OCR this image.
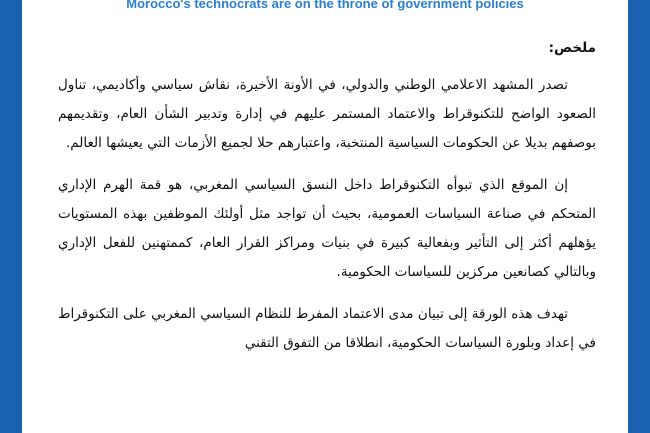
Morocco's technocrats are on the throne of government policies

ملخص:

تصدر المشهد الاعلامي الوطني والدولي، في الأونة الأخيرة، نقاش سياسي وأكاديمي، تناول الصعود الواضح للتكنوقراط والاعتماد المستمر عليهم في إدارة وتدبير الشأن العام، وتقديمهم بوصفهم بديلا عن الحكومات السياسية المنتخبة، واعتبارهم حلا لجميع الأزمات التي يعيشها العالم.

إن الموقع الذي تبوأه التكنوقراط داخل النسق السياسي المغربي، هو قمة الهرم الإداري المتحكم في صناعة السياسات العمومية، بحيث أن تواجد مثل أولئك الموظفين بهذه المستويات يؤهلهم أكثر إلى التأثير وبفعالية كبيرة في بنيات ومراكز القرار العام، كممتهنين للفعل الإداري وبالتالي كصانعين مركزين للسياسات الحكومية.

تهدف هذه الورقة إلى تبيان مدى الاعتماد المفرط للنظام السياسي المغربي على التكنوقراط في إعداد وبلورة السياسات الحكومية، انطلاقا من التفوق التقني
